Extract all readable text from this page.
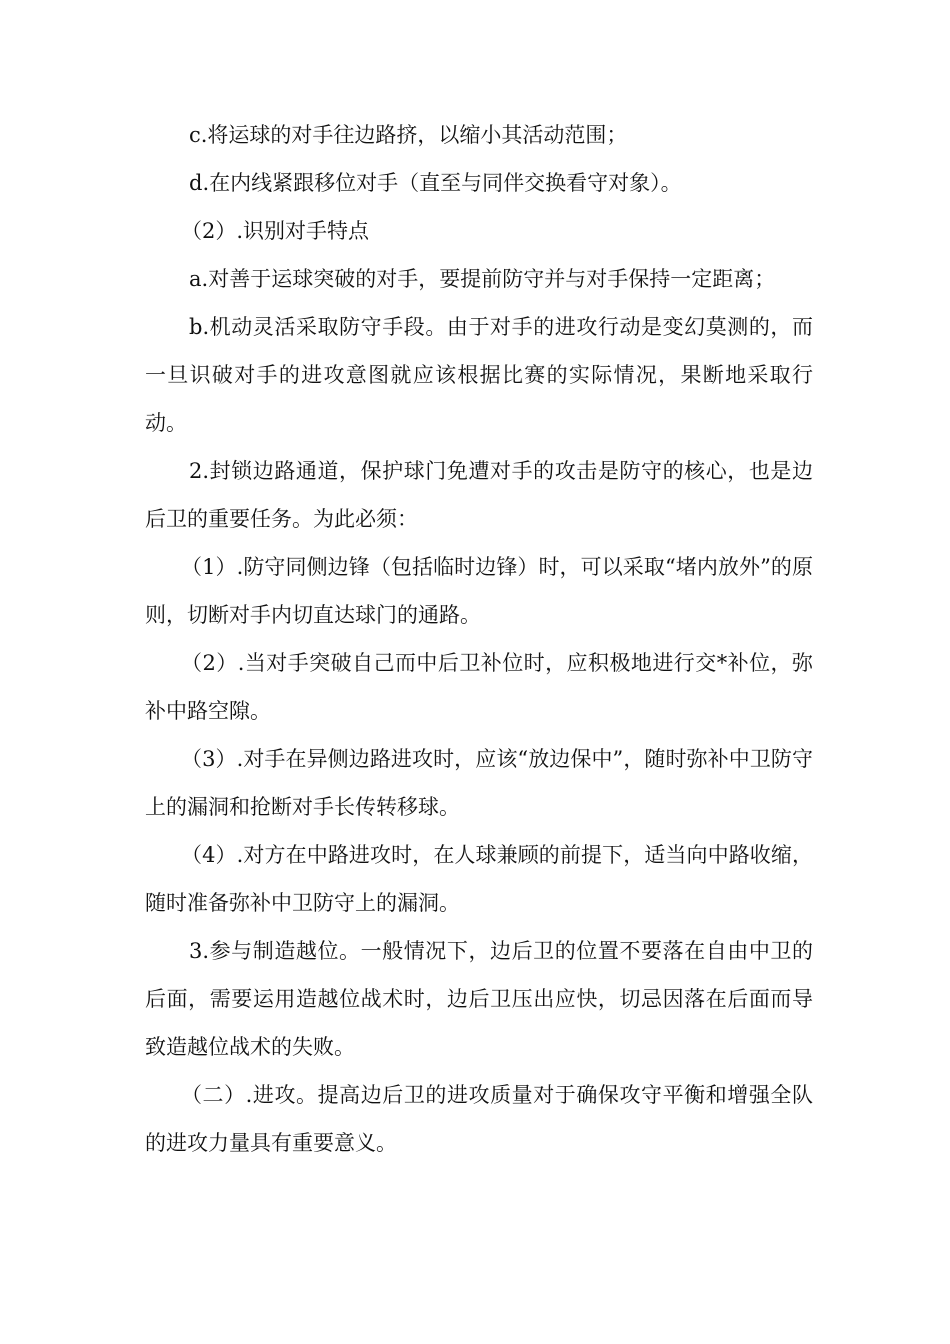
c.将运球的对手往边路挤，以缩小其活动范围；

d.在内线紧跟移位对手（直至与同伴交换看守对象）。

（2）.识别对手特点

a.对善于运球突破的对手，要提前防守并与对手保持一定距离；

b.机动灵活采取防守手段。由于对手的进攻行动是变幻莫测的，而一旦识破对手的进攻意图就应该根据比赛的实际情况，果断地采取行动。

2.封锁边路通道，保护球门免遭对手的攻击是防守的核心，也是边后卫的重要任务。为此必须：

（1）.防守同侧边锋（包括临时边锋）时，可以采取“堵内放外”的原则，切断对手内切直达球门的通路。

（2）.当对手突破自己而中后卫补位时，应积极地进行交*补位，弥补中路空隙。

（3）.对手在异侧边路进攻时，应该“放边保中”，随时弥补中卫防守上的漏洞和抢断对手长传转移球。

（4）.对方在中路进攻时，在人球兼顾的前提下，适当向中路收缩，随时准备弥补中卫防守上的漏洞。

3.参与制造越位。一般情况下，边后卫的位置不要落在自由中卫的后面，需要运用造越位战术时，边后卫压出应快，切忌因落在后面而导致造越位战术的失败。

（二）.进攻。提高边后卫的进攻质量对于确保攻守平衡和增强全队的进攻力量具有重要意义。
